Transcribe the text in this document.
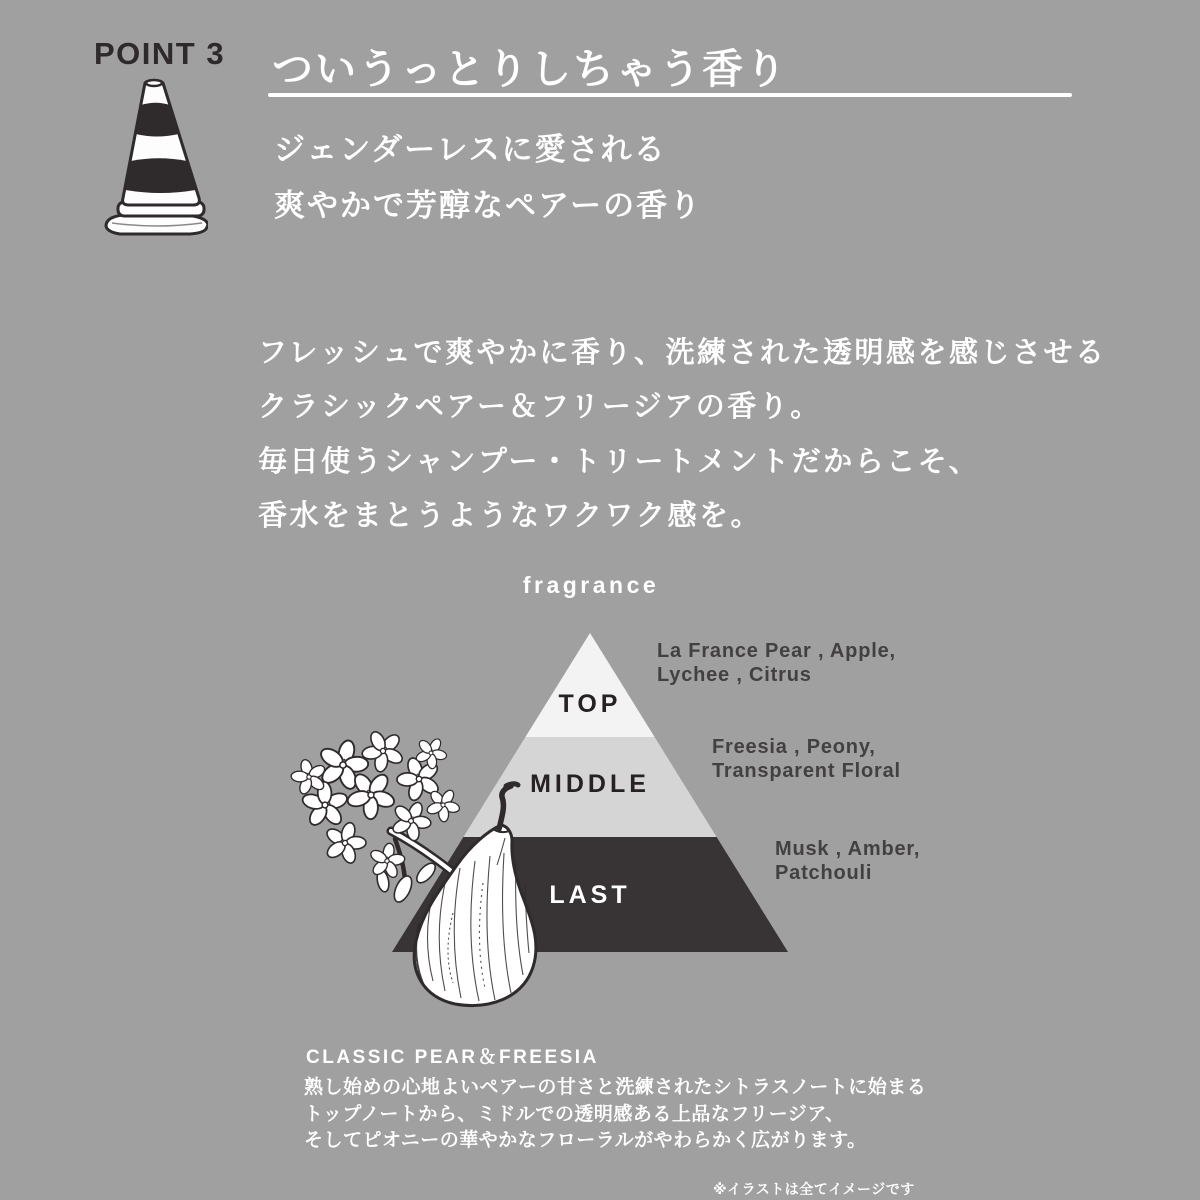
POINT 3 ついうっとりしちゃう香り
ジェンダーレスに愛される
爽やかで芳醇なペアーの香り
フレッシュで爽やかに香り、洗練された透明感を感じさせる
クラシックペアー＆フリージアの香り。
毎日使うシャンプー・トリートメントだからこそ、
香水をまとうようなワクワク感を。
fragrance
TOP
MIDDLE
LAST
La France Pear , Apple,
Lychee , Citrus
Freesia , Peony,
Transparent Floral
Musk , Amber,
Patchouli
CLASSIC PEAR＆FREESIA
熟し始めの心地よいペアーの甘さと洗練されたシトラスノートに始まる
トップノートから、ミドルでの透明感ある上品なフリージア、
そしてピオニーの華やかなフローラルがやわらかく広がります。
※イラストは全てイメージです
